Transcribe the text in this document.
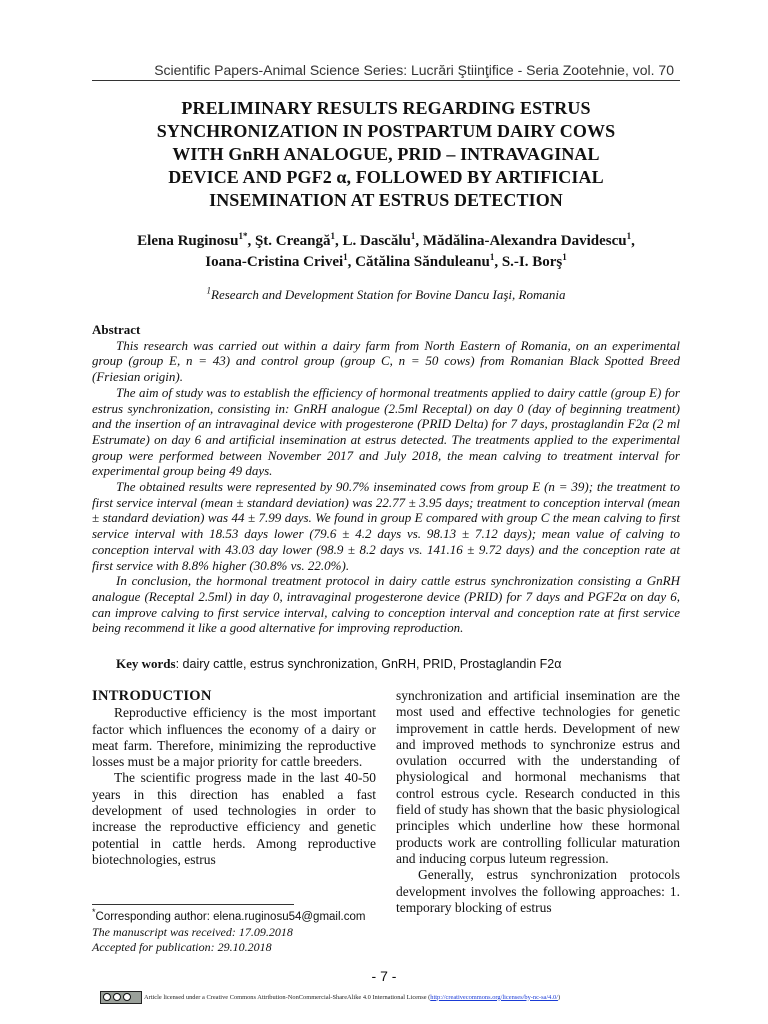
Scientific Papers-Animal Science Series: Lucrări Ştiinţifice - Seria Zootehnie, vol. 70
PRELIMINARY RESULTS REGARDING ESTRUS
SYNCHRONIZATION IN POSTPARTUM DAIRY COWS
WITH GnRH ANALOGUE, PRID – INTRAVAGINAL
DEVICE AND PGF2 α, FOLLOWED BY ARTIFICIAL
INSEMINATION AT ESTRUS DETECTION
Elena Ruginosu$^{1*}$, Şt. Creangă$^1$, L. Dascălu$^1$, Mădălina-Alexandra Davidescu$^1$,
Ioana-Cristina Crivei$^1$, Cătălina Sănduleanu$^1$, S.-I. Borş$^1$
$^1$Research and Development Station for Bovine Dancu Iaşi, Romania
Abstract

This research was carried out within a dairy farm from North Eastern of Romania, on an experimental group (group E, n = 43) and control group (group C, n = 50 cows) from Romanian Black Spotted Breed (Friesian origin).

The aim of study was to establish the efficiency of hormonal treatments applied to dairy cattle (group E) for estrus synchronization, consisting in: GnRH analogue (2.5ml Receptal) on day 0 (day of beginning treatment) and the insertion of an intravaginal device with progesterone (PRID Delta) for 7 days, prostaglandin F2α (2 ml Estrumate) on day 6 and artificial insemination at estrus detected. The treatments applied to the experimental group were performed between November 2017 and July 2018, the mean calving to treatment interval for experimental group being 49 days.

The obtained results were represented by 90.7% inseminated cows from group E (n = 39); the treatment to first service interval (mean ± standard deviation) was 22.77 ± 3.95 days; treatment to conception interval (mean ± standard deviation) was 44 ± 7.99 days. We found in group E compared with group C the mean calving to first service interval with 18.53 days lower (79.6 ± 4.2 days vs. 98.13 ± 7.12 days); mean value of calving to conception interval with 43.03 day lower (98.9 ± 8.2 days vs. 141.16 ± 9.72 days) and the conception rate at first service with 8.8% higher (30.8% vs. 22.0%).

In conclusion, the hormonal treatment protocol in dairy cattle estrus synchronization consisting a GnRH analogue (Receptal 2.5ml) in day 0, intravaginal progesterone device (PRID) for 7 days and PGF2α on day 6, can improve calving to first service interval, calving to conception interval and conception rate at first service being recommend it like a good alternative for improving reproduction.

Key words: dairy cattle, estrus synchronization, GnRH, PRID, Prostaglandin F2α
INTRODUCTION

Reproductive efficiency is the most important factor which influences the economy of a dairy or meat farm. Therefore, minimizing the reproductive losses must be a major priority for cattle breeders.

The scientific progress made in the last 40-50 years in this direction has enabled a fast development of used technologies in order to increase the reproductive efficiency and genetic potential in cattle herds. Among reproductive biotechnologies, estrus

synchronization and artificial insemination are the most used and effective technologies for genetic improvement in cattle herds. Development of new and improved methods to synchronize estrus and ovulation occurred with the understanding of physiological and hormonal mechanisms that control estrous cycle. Research conducted in this field of study has shown that the basic physiological principles which underline how these hormonal products work are controlling follicular maturation and inducing corpus luteum regression.

Generally, estrus synchronization protocols development involves the following approaches: 1. temporary blocking of estrus

*Corresponding author: elena.ruginosu54@gmail.com
The manuscript was received: 17.09.2018
Accepted for publication: 29.10.2018
- 7 -
Article licensed under a Creative Commons Attribution-NonCommercial-ShareAlike 4.0 International License (http://creativecommons.org/licenses/by-nc-sa/4.0/)
